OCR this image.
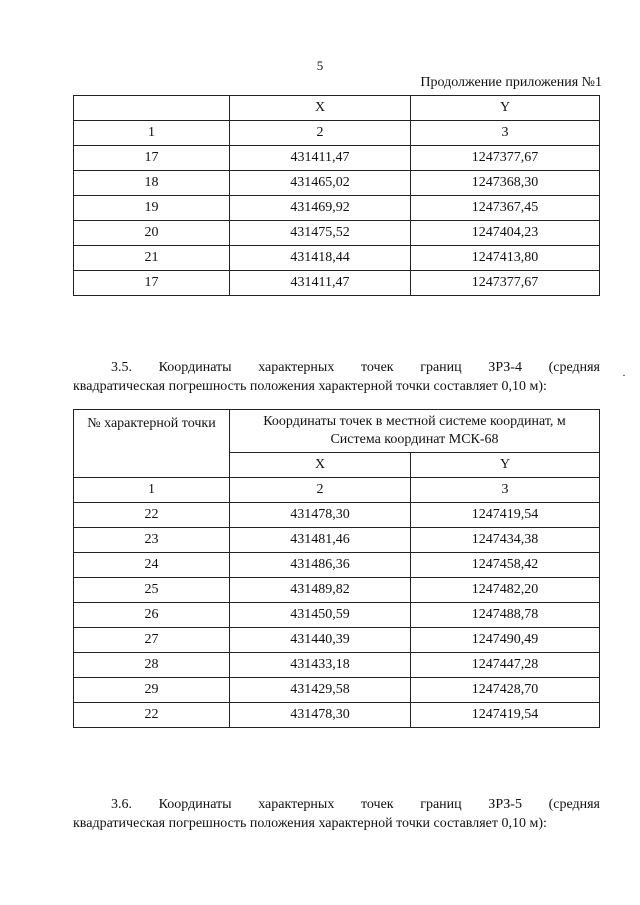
5
Продолжение приложения №1
	X	Y
1	2	3
17	431411,47	1247377,67
18	431465,02	1247368,30
19	431469,92	1247367,45
20	431475,52	1247404,23
21	431418,44	1247413,80
17	431411,47	1247377,67
3.5. Координаты характерных точек границ ЗРЗ-4 (средняя
квадратическая погрешность положения характерной точки составляет 0,10 м):
·
№ характерной точки	Координаты точек в местной системе координат, м
Система координат МСК-68	
	X	Y
1	2	3
22	431478,30	1247419,54
23	431481,46	1247434,38
24	431486,36	1247458,42
25	431489,82	1247482,20
26	431450,59	1247488,78
27	431440,39	1247490,49
28	431433,18	1247447,28
29	431429,58	1247428,70
22	431478,30	1247419,54
3.6. Координаты характерных точек границ ЗРЗ-5 (средняя
квадратическая погрешность положения характерной точки составляет 0,10 м):
